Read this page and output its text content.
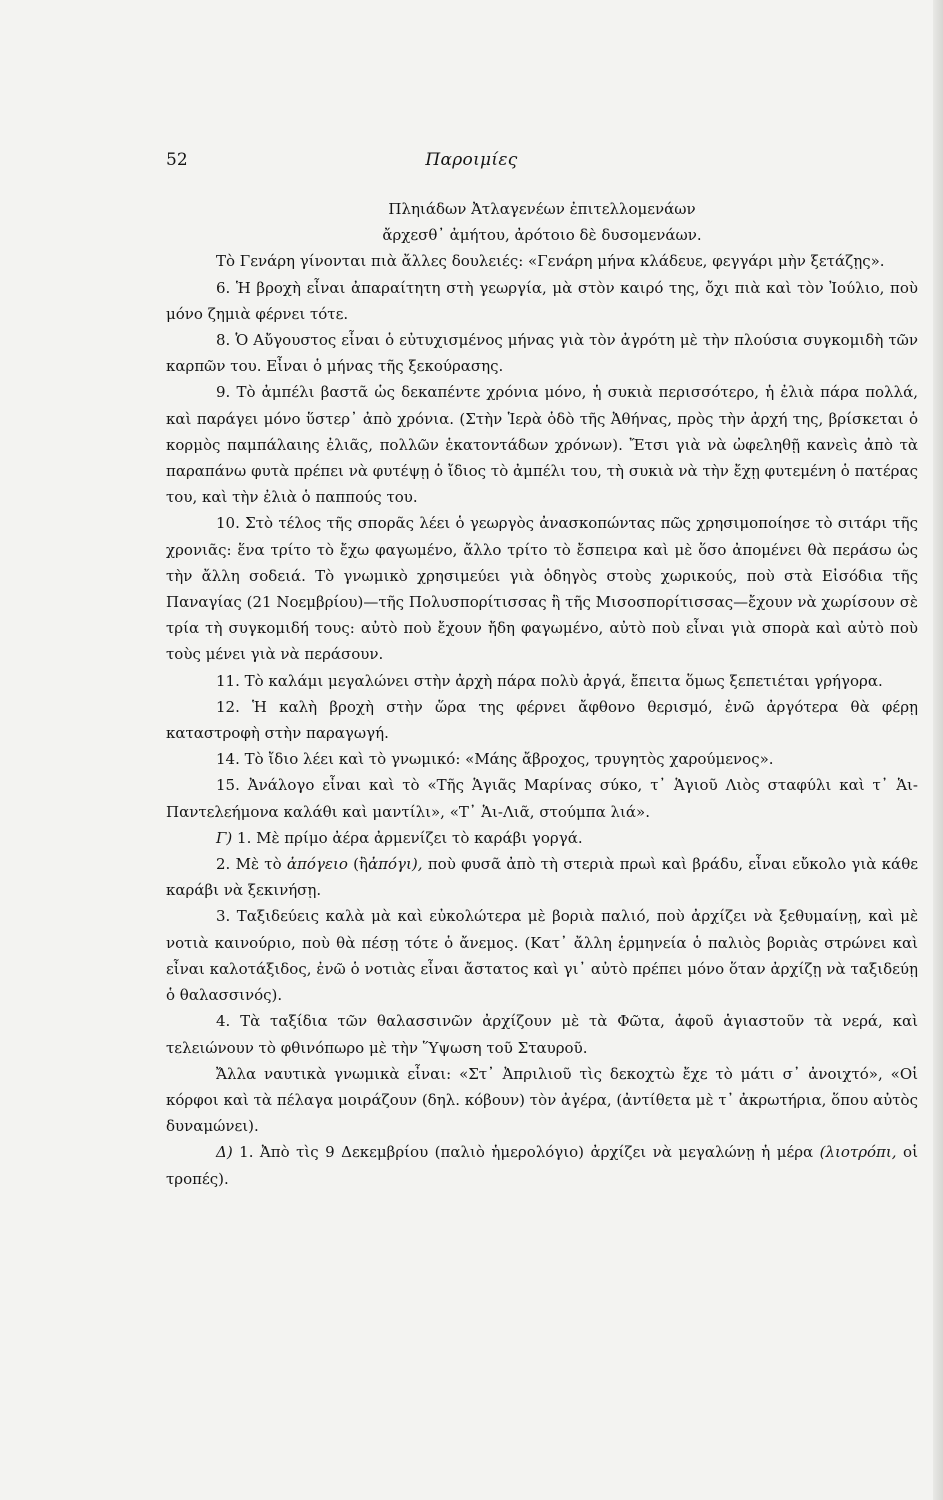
52	Παροιμίες

Πληιάδων Ἀτλαγενέων ἐπιτελλομενάων

ἄρχεσθ᾽ ἀμήτου, ἀρότοιο δὲ δυσομενάων.

Τὸ Γενάρη γίνονται πιὰ ἄλλες δουλειές: «Γενάρη μήνα κλάδευε, φεγγάρι μὴν ξετάζῃς».

6. Ἡ βροχὴ εἶναι ἀπαραίτητη στὴ γεωργία, μὰ στὸν καιρό της, ὄχι πιὰ καὶ τὸν Ἰούλιο, ποὺ μόνο ζημιὰ φέρνει τότε.

8. Ὁ Αὔγουστος εἶναι ὁ εὐτυχισμένος μήνας γιὰ τὸν ἀγρότη μὲ τὴν πλούσια συγκομιδὴ τῶν καρπῶν του. Εἶναι ὁ μήνας τῆς ξεκούρασης.

9. Τὸ ἀμπέλι βαστᾶ ὡς δεκαπέντε χρόνια μόνο, ἡ συκιὰ περισσότερο, ἡ ἐλιὰ πάρα πολλά, καὶ παράγει μόνο ὕστερ᾽ ἀπὸ χρόνια. (Στὴν Ἱερὰ ὁδὸ τῆς Ἀθήνας, πρὸς τὴν ἀρχή της, βρίσκεται ὁ κορμὸς παμπάλαιης ἐλιᾶς, πολλῶν ἑκατοντάδων χρόνων). Ἔτσι γιὰ νὰ ὠφεληθῇ κανεὶς ἀπὸ τὰ παραπάνω φυτὰ πρέπει νὰ φυτέψῃ ὁ ἴδιος τὸ ἀμπέλι του, τὴ συκιὰ νὰ τὴν ἔχῃ φυτεμένη ὁ πατέρας του, καὶ τὴν ἐλιὰ ὁ παππούς του.

10. Στὸ τέλος τῆς σπορᾶς λέει ὁ γεωργὸς ἀνασκοπώντας πῶς χρησιμοποίησε τὸ σιτάρι τῆς χρονιᾶς: ἕνα τρίτο τὸ ἔχω φαγωμένο, ἄλλο τρίτο τὸ ἔσπειρα καὶ μὲ ὅσο ἀπομένει θὰ περάσω ὡς τὴν ἄλλη σοδειά. Τὸ γνωμικὸ χρησιμεύει γιὰ ὁδηγὸς στοὺς χωρικούς, ποὺ στὰ Εἰσόδια τῆς Παναγίας (21 Νοεμβρίου)—τῆς Πολυσπορίτισσας ἢ τῆς Μισοσπορίτισσας—ἔχουν νὰ χωρίσουν σὲ τρία τὴ συγκομιδή τους: αὐτὸ ποὺ ἔχουν ἤδη φαγωμένο, αὐτὸ ποὺ εἶναι γιὰ σπορὰ καὶ αὐτὸ ποὺ τοὺς μένει γιὰ νὰ περάσουν.

11. Τὸ καλάμι μεγαλώνει στὴν ἀρχὴ πάρα πολὺ ἀργά, ἔπειτα ὅμως ξεπετιέται γρήγορα.

12. Ἡ καλὴ βροχὴ στὴν ὥρα της φέρνει ἄφθονο θερισμό, ἐνῶ ἀργότερα θὰ φέρῃ καταστροφὴ στὴν παραγωγή.

14. Τὸ ἴδιο λέει καὶ τὸ γνωμικό: «Μάης ἄβροχος, τρυγητὸς χαρούμενος».

15. Ἀνάλογο εἶναι καὶ τὸ «Τῆς Ἁγιᾶς Μαρίνας σύκο, τ᾽ Ἁγιοῦ Λιὸς σταφύλι καὶ τ᾽ Ἁι-Παντελεήμονα καλάθι καὶ μαντίλι», «Τ᾽ Ἁι-Λιᾶ, στούμπα λιά».

Γ) 1. Μὲ πρίμο ἀέρα ἀρμενίζει τὸ καράβι γοργά.

2. Μὲ τὸ ἀπόγειο (ἢἀπόγι), ποὺ φυσᾶ ἀπὸ τὴ στεριὰ πρωὶ καὶ βράδυ, εἶναι εὔκολο γιὰ κάθε καράβι νὰ ξεκινήσῃ.

3. Ταξιδεύεις καλὰ μὰ καὶ εὐκολώτερα μὲ βοριὰ παλιό, ποὺ ἀρχίζει νὰ ξεθυμαίνῃ, καὶ μὲ νοτιὰ καινούριο, ποὺ θὰ πέσῃ τότε ὁ ἄνεμος. (Κατ᾽ ἄλλη ἑρμηνεία ὁ παλιὸς βοριὰς στρώνει καὶ εἶναι καλοτάξιδος, ἐνῶ ὁ νοτιὰς εἶναι ἄστατος καὶ γι᾽ αὐτὸ πρέπει μόνο ὅταν ἀρχίζῃ νὰ ταξιδεύῃ ὁ θαλασσινός).

4. Τὰ ταξίδια τῶν θαλασσινῶν ἀρχίζουν μὲ τὰ Φῶτα, ἀφοῦ ἁγιαστοῦν τὰ νερά, καὶ τελειώνουν τὸ φθινόπωρο μὲ τὴν Ὕψωση τοῦ Σταυροῦ.

Ἄλλα ναυτικὰ γνωμικὰ εἶναι: «Στ᾽ Ἀπριλιοῦ τὶς δεκοχτὼ ἔχε τὸ μάτι σ᾽ ἀνοιχτό», «Οἱ κόρφοι καὶ τὰ πέλαγα μοιράζουν (δηλ. κόβουν) τὸν ἀγέρα, (ἀντίθετα μὲ τ᾽ ἀκρωτήρια, ὅπου αὐτὸς δυναμώνει).

Δ) 1. Ἀπὸ τὶς 9 Δεκεμβρίου (παλιὸ ἡμερολόγιο) ἀρχίζει νὰ μεγαλώνῃ ἡ μέρα (λιοτρόπι, οἱ τροπές).
